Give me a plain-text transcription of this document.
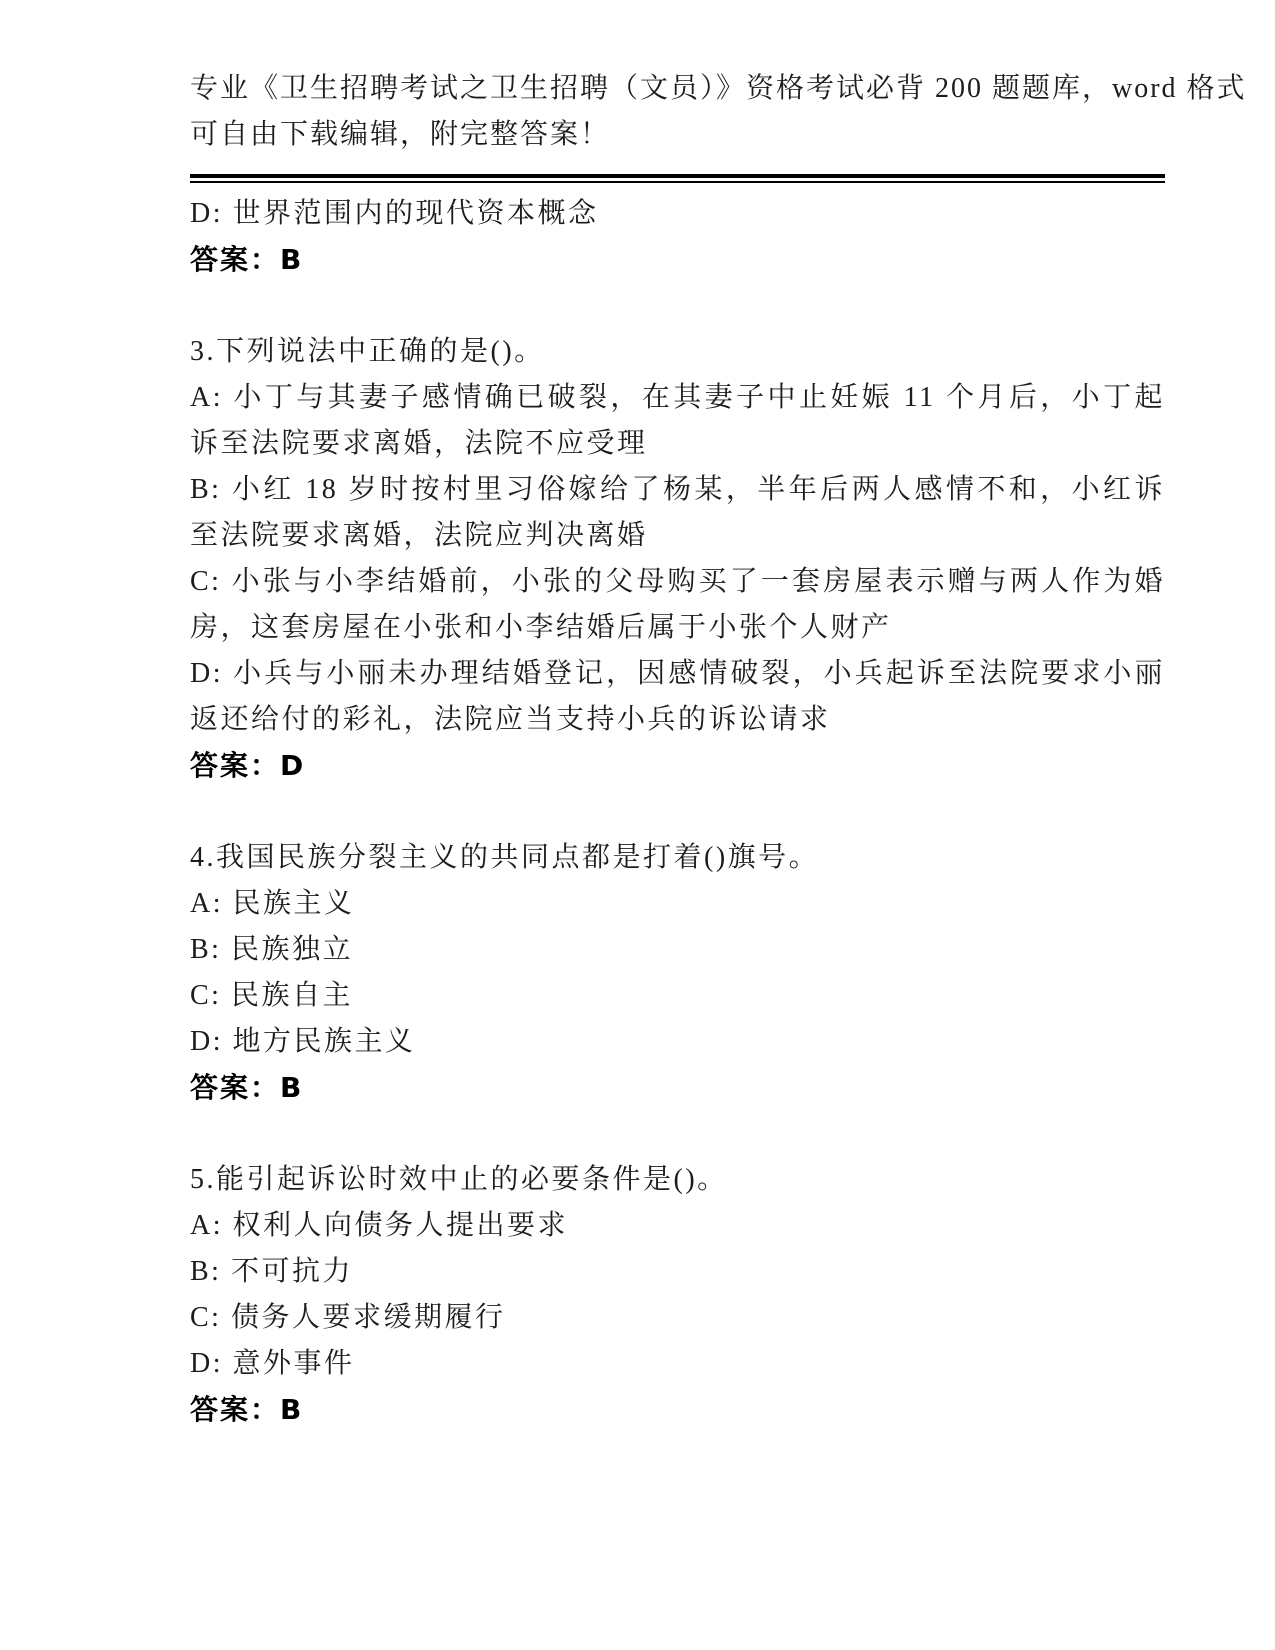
专业《卫生招聘考试之卫生招聘（文员）》资格考试必背 200 题题库，word 格式
可自由下载编辑，附完整答案！
D: 世界范围内的现代资本概念
答案：B
3.下列说法中正确的是()。
A: 小丁与其妻子感情确已破裂，在其妻子中止妊娠 11 个月后，小丁起诉至法院要求离婚，法院不应受理
B: 小红 18 岁时按村里习俗嫁给了杨某，半年后两人感情不和，小红诉至法院要求离婚，法院应判决离婚
C: 小张与小李结婚前，小张的父母购买了一套房屋表示赠与两人作为婚房，这套房屋在小张和小李结婚后属于小张个人财产
D: 小兵与小丽未办理结婚登记，因感情破裂，小兵起诉至法院要求小丽返还给付的彩礼，法院应当支持小兵的诉讼请求
答案：D
4.我国民族分裂主义的共同点都是打着()旗号。
A: 民族主义
B: 民族独立
C: 民族自主
D: 地方民族主义
答案：B
5.能引起诉讼时效中止的必要条件是()。
A: 权利人向债务人提出要求
B: 不可抗力
C: 债务人要求缓期履行
D: 意外事件
答案：B
